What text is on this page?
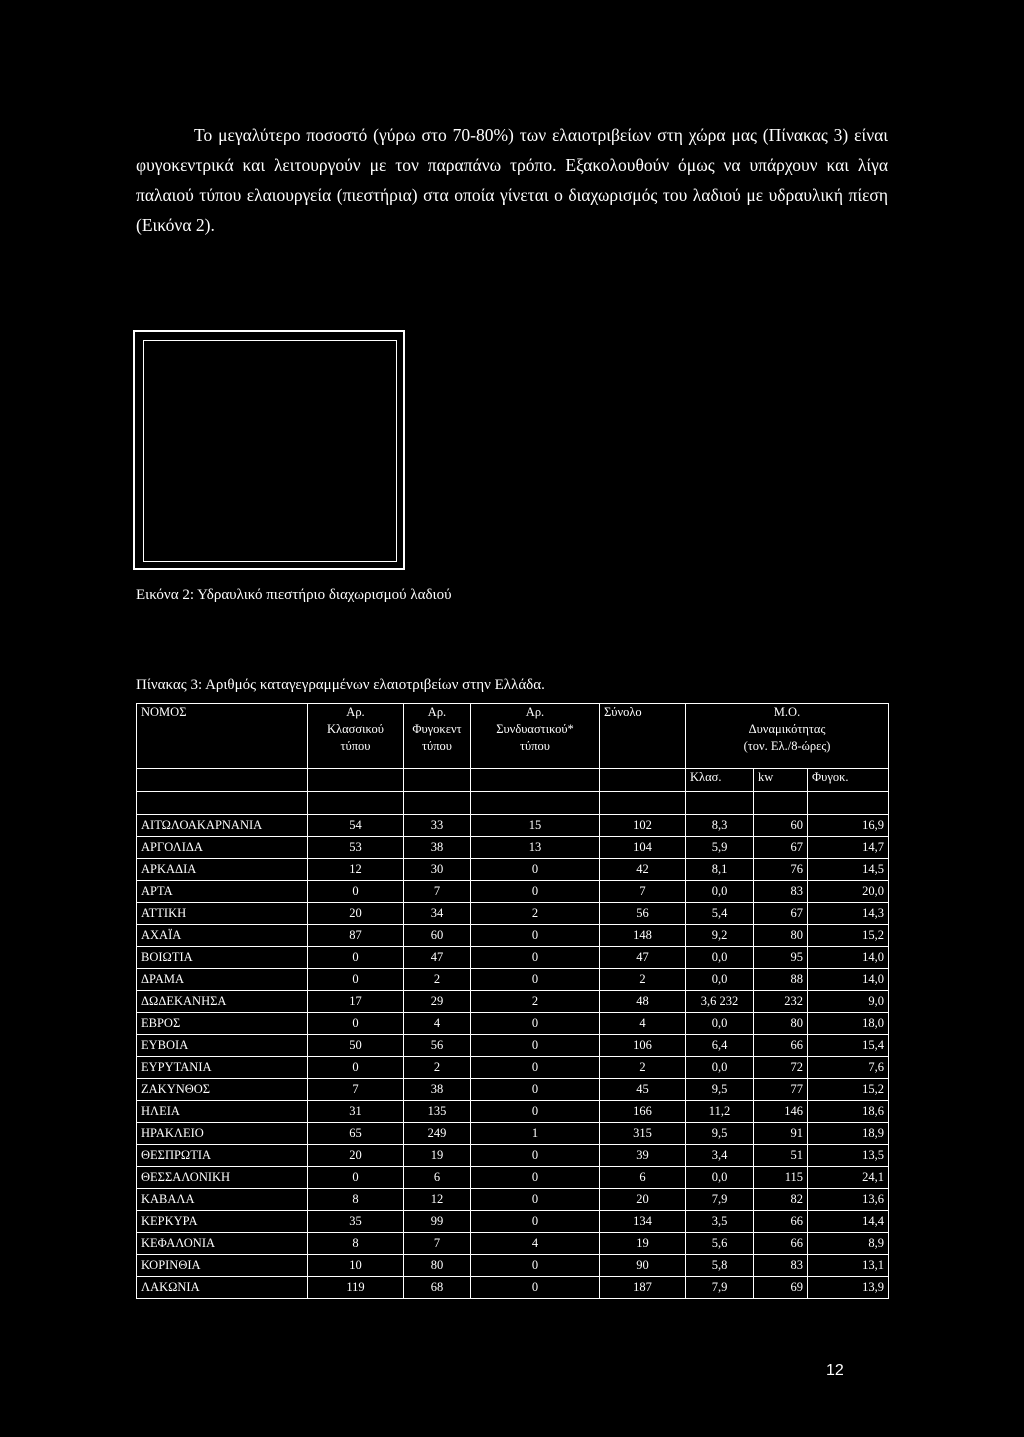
Το μεγαλύτερο ποσοστό (γύρω στο 70-80%) των ελαιοτριβείων στη χώρα μας (Πίνακας 3) είναι φυγοκεντρικά και λειτουργούν με τον παραπάνω τρόπο. Εξακολουθούν όμως να υπάρχουν και λίγα παλαιού τύπου ελαιουργεία (πιεστήρια) στα οποία γίνεται ο διαχωρισμός του λαδιού με υδραυλική πίεση (Εικόνα 2).

Εικόνα 2: Υδραυλικό πιεστήριο διαχωρισμού λαδιού
Πίνακας 3: Αριθμός καταγεγραμμένων ελαιοτριβείων στην Ελλάδα.
ΝΟΜΟΣ	Αρ.
Κλασσικού
τύπου	Αρ.
Φυγοκεντ
τύπου	Αρ.
Συνδυαστικού*
τύπου	Σύνολο	Μ.Ο.
Δυναμικότητας
(τον. Ελ./8-ώρες)		
					Κλασ.	kw	Φυγοκ.

ΑΙΤΩΛΟΑΚΑΡΝΑΝΙΑ	54	33	15	102	8,3	60	16,9
ΑΡΓΟΛΙΔΑ	53	38	13	104	5,9	67	14,7
ΑΡΚΑΔΙΑ	12	30	0	42	8,1	76	14,5
ΑΡΤΑ	0	7	0	7	0,0	83	20,0
ΑΤΤΙΚΗ	20	34	2	56	5,4	67	14,3
ΑΧΑΪΑ	87	60	0	148	9,2	80	15,2
ΒΟΙΩΤΙΑ	0	47	0	47	0,0	95	14,0
ΔΡΑΜΑ	0	2	0	2	0,0	88	14,0
ΔΩΔΕΚΑΝΗΣΑ	17	29	2	48	3,6 232	232	9,0
ΕΒΡΟΣ	0	4	0	4	0,0	80	18,0
ΕΥΒΟΙΑ	50	56	0	106	6,4	66	15,4
ΕΥΡΥΤΑΝΙΑ	0	2	0	2	0,0	72	7,6
ΖΑΚΥΝΘΟΣ	7	38	0	45	9,5	77	15,2
ΗΛΕΙΑ	31	135	0	166	11,2	146	18,6
ΗΡΑΚΛΕΙΟ	65	249	1	315	9,5	91	18,9
ΘΕΣΠΡΩΤΙΑ	20	19	0	39	3,4	51	13,5
ΘΕΣΣΑΛΟΝΙΚΗ	0	6	0	6	0,0	115	24,1
ΚΑΒΑΛΑ	8	12	0	20	7,9	82	13,6
ΚΕΡΚΥΡΑ	35	99	0	134	3,5	66	14,4
ΚΕΦΑΛΟΝΙΑ	8	7	4	19	5,6	66	8,9
ΚΟΡΙΝΘΙΑ	10	80	0	90	5,8	83	13,1
ΛΑΚΩΝΙΑ	119	68	0	187	7,9	69	13,9
12
